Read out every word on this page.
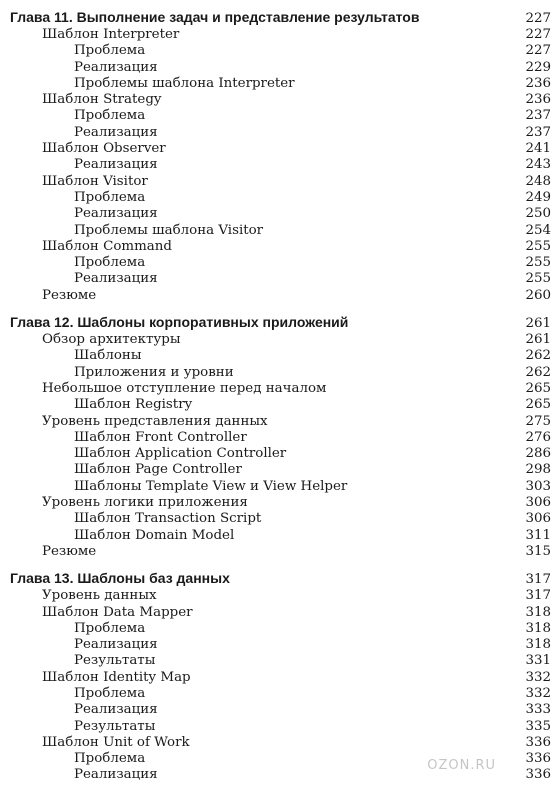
Глава 11. Выполнение задач и представление результатов	227
Шаблон Interpreter	227
Проблема	227
Реализация	229
Проблемы шаблона Interpreter	236
Шаблон Strategy	236
Проблема	237
Реализация	237
Шаблон Observer	241
Реализация	243
Шаблон Visitor	248
Проблема	249
Реализация	250
Проблемы шаблона Visitor	254
Шаблон Command	255
Проблема	255
Реализация	255
Резюме	260
Глава 12. Шаблоны корпоративных приложений	261
Обзор архитектуры	261
Шаблоны	262
Приложения и уровни	262
Небольшое отступление перед началом	265
Шаблон Registry	265
Уровень представления данных	275
Шаблон Front Controller	276
Шаблон Application Controller	286
Шаблон Page Controller	298
Шаблоны Template View и View Helper	303
Уровень логики приложения	306
Шаблон Transaction Script	306
Шаблон Domain Model	311
Резюме	315
Глава 13. Шаблоны баз данных	317
Уровень данных	317
Шаблон Data Mapper	318
Проблема	318
Реализация	318
Результаты	331
Шаблон Identity Map	332
Проблема	332
Реализация	333
Результаты	335
Шаблон Unit of Work	336
Проблема	336
Реализация	336
OZON.RU
